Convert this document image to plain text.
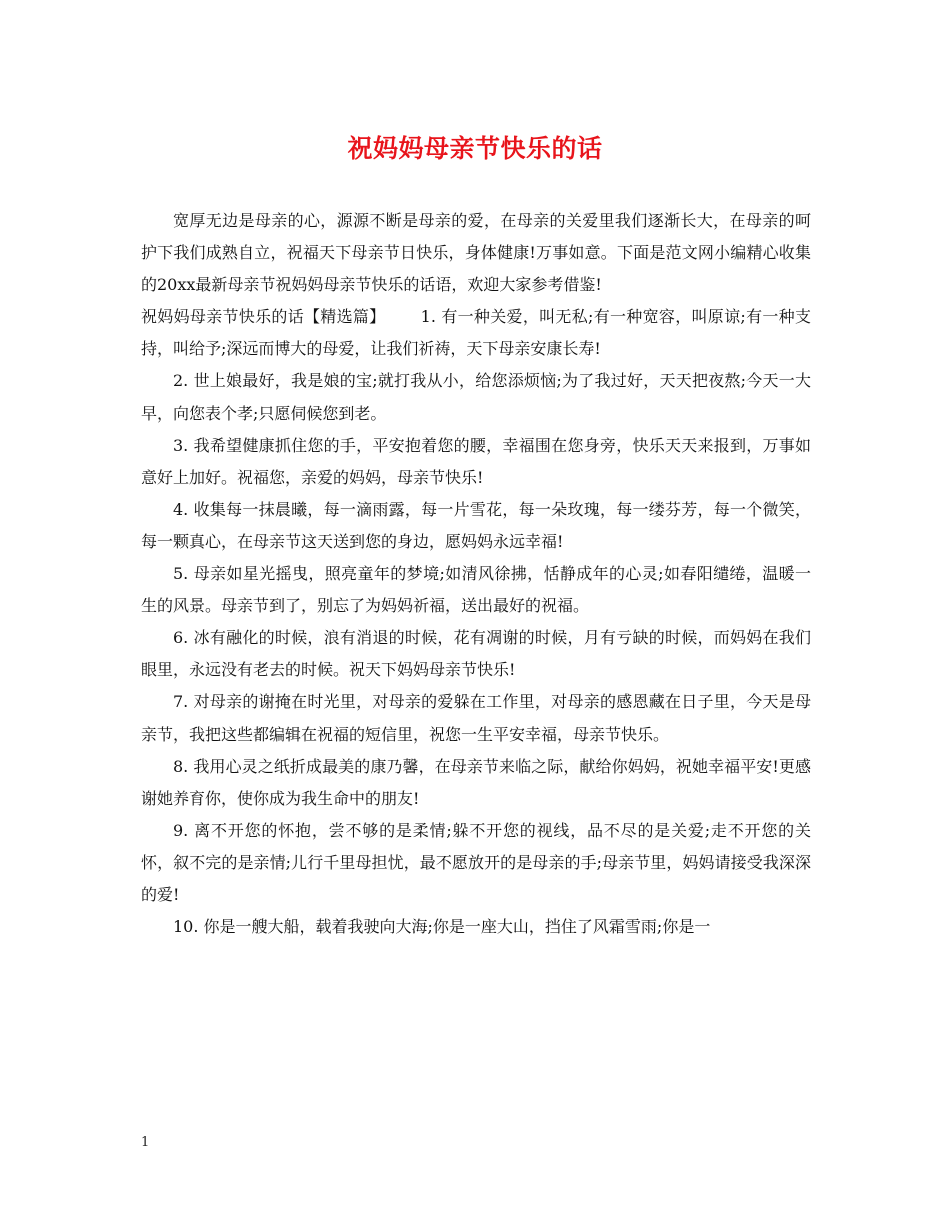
祝妈妈母亲节快乐的话

宽厚无边是母亲的心，源源不断是母亲的爱，在母亲的关爱里我们逐渐长大，在母亲的呵护下我们成熟自立，祝福天下母亲节日快乐，身体健康!万事如意。下面是范文网小编精心收集的20xx最新母亲节祝妈妈母亲节快乐的话语，欢迎大家参考借鉴!

祝妈妈母亲节快乐的话【精选篇】 1. 有一种关爱，叫无私;有一种宽容，叫原谅;有一种支持，叫给予;深远而博大的母爱，让我们祈祷，天下母亲安康长寿!

2. 世上娘最好，我是娘的宝;就打我从小，给您添烦恼;为了我过好，天天把夜熬;今天一大早，向您表个孝;只愿伺候您到老。

3. 我希望健康抓住您的手，平安抱着您的腰，幸福围在您身旁，快乐天天来报到，万事如意好上加好。祝福您，亲爱的妈妈，母亲节快乐!

4. 收集每一抹晨曦，每一滴雨露，每一片雪花，每一朵玫瑰，每一缕芬芳，每一个微笑，每一颗真心，在母亲节这天送到您的身边，愿妈妈永远幸福!

5. 母亲如星光摇曳，照亮童年的梦境;如清风徐拂，恬静成年的心灵;如春阳缱绻，温暖一生的风景。母亲节到了，别忘了为妈妈祈福，送出最好的祝福。

6. 冰有融化的时候，浪有消退的时候，花有凋谢的时候，月有亏缺的时候，而妈妈在我们眼里，永远没有老去的时候。祝天下妈妈母亲节快乐!

7. 对母亲的谢掩在时光里，对母亲的爱躲在工作里，对母亲的感恩藏在日子里，今天是母亲节，我把这些都编辑在祝福的短信里，祝您一生平安幸福，母亲节快乐。

8. 我用心灵之纸折成最美的康乃馨，在母亲节来临之际，献给你妈妈，祝她幸福平安!更感谢她养育你，使你成为我生命中的朋友!

9. 离不开您的怀抱，尝不够的是柔情;躲不开您的视线，品不尽的是关爱;走不开您的关怀，叙不完的是亲情;儿行千里母担忧，最不愿放开的是母亲的手;母亲节里，妈妈请接受我深深的爱!

10. 你是一艘大船，载着我驶向大海;你是一座大山，挡住了风霜雪雨;你是一

1
